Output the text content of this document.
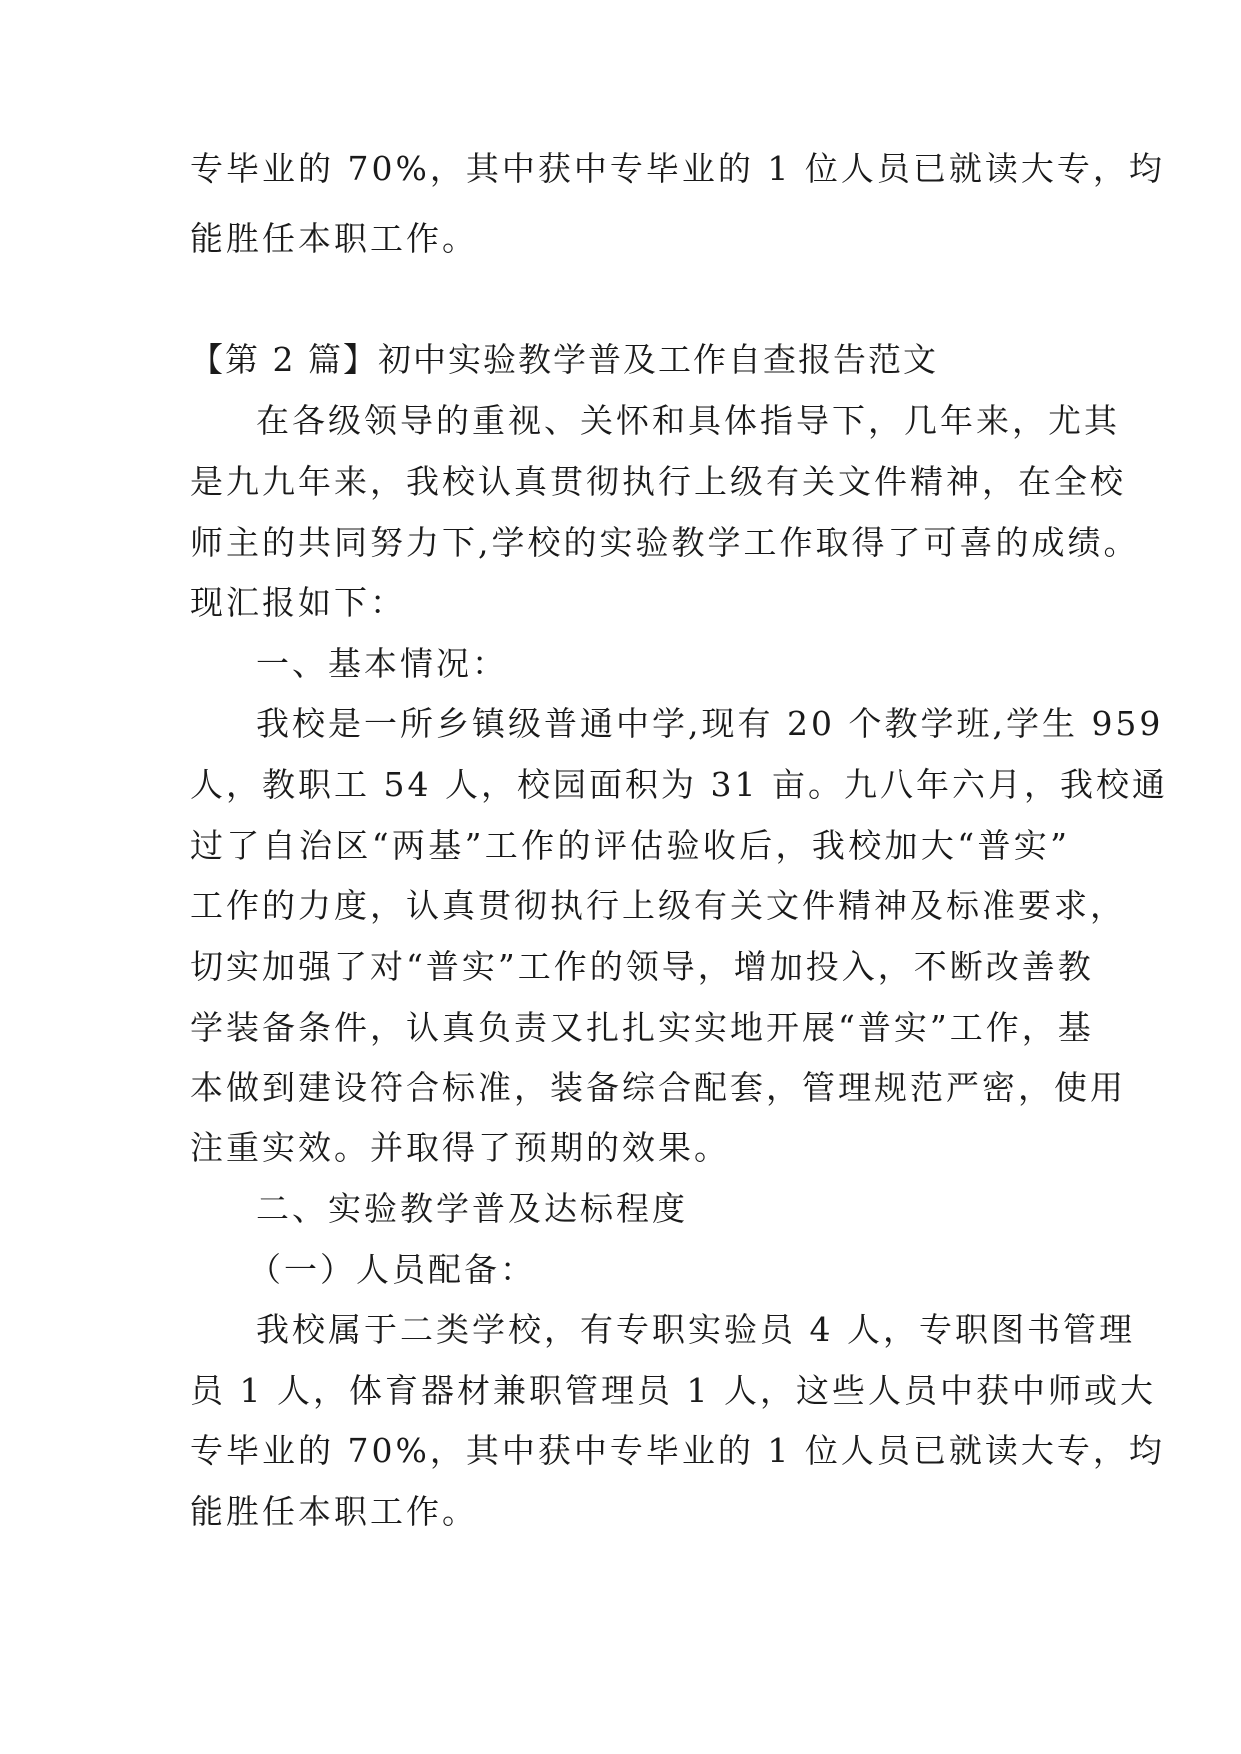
专毕业的 70%，其中获中专毕业的 1 位人员已就读大专，均
能胜任本职工作。
【第 2 篇】初中实验教学普及工作自查报告范文
在各级领导的重视、关怀和具体指导下，几年来，尤其
是九九年来，我校认真贯彻执行上级有关文件精神，在全校
师主的共同努力下,学校的实验教学工作取得了可喜的成绩。
现汇报如下：
一、基本情况：
我校是一所乡镇级普通中学,现有 20 个教学班,学生 959
人，教职工 54 人，校园面积为 31 亩。九八年六月，我校通
过了自治区“两基”工作的评估验收后，我校加大“普实”
工作的力度，认真贯彻执行上级有关文件精神及标准要求，
切实加强了对“普实”工作的领导，增加投入，不断改善教
学装备条件，认真负责又扎扎实实地开展“普实”工作，基
本做到建设符合标准，装备综合配套，管理规范严密，使用
注重实效。并取得了预期的效果。
二、实验教学普及达标程度
（一）人员配备：
我校属于二类学校，有专职实验员 4 人，专职图书管理
员 1 人，体育器材兼职管理员 1 人，这些人员中获中师或大
专毕业的 70%，其中获中专毕业的 1 位人员已就读大专，均
能胜任本职工作。
